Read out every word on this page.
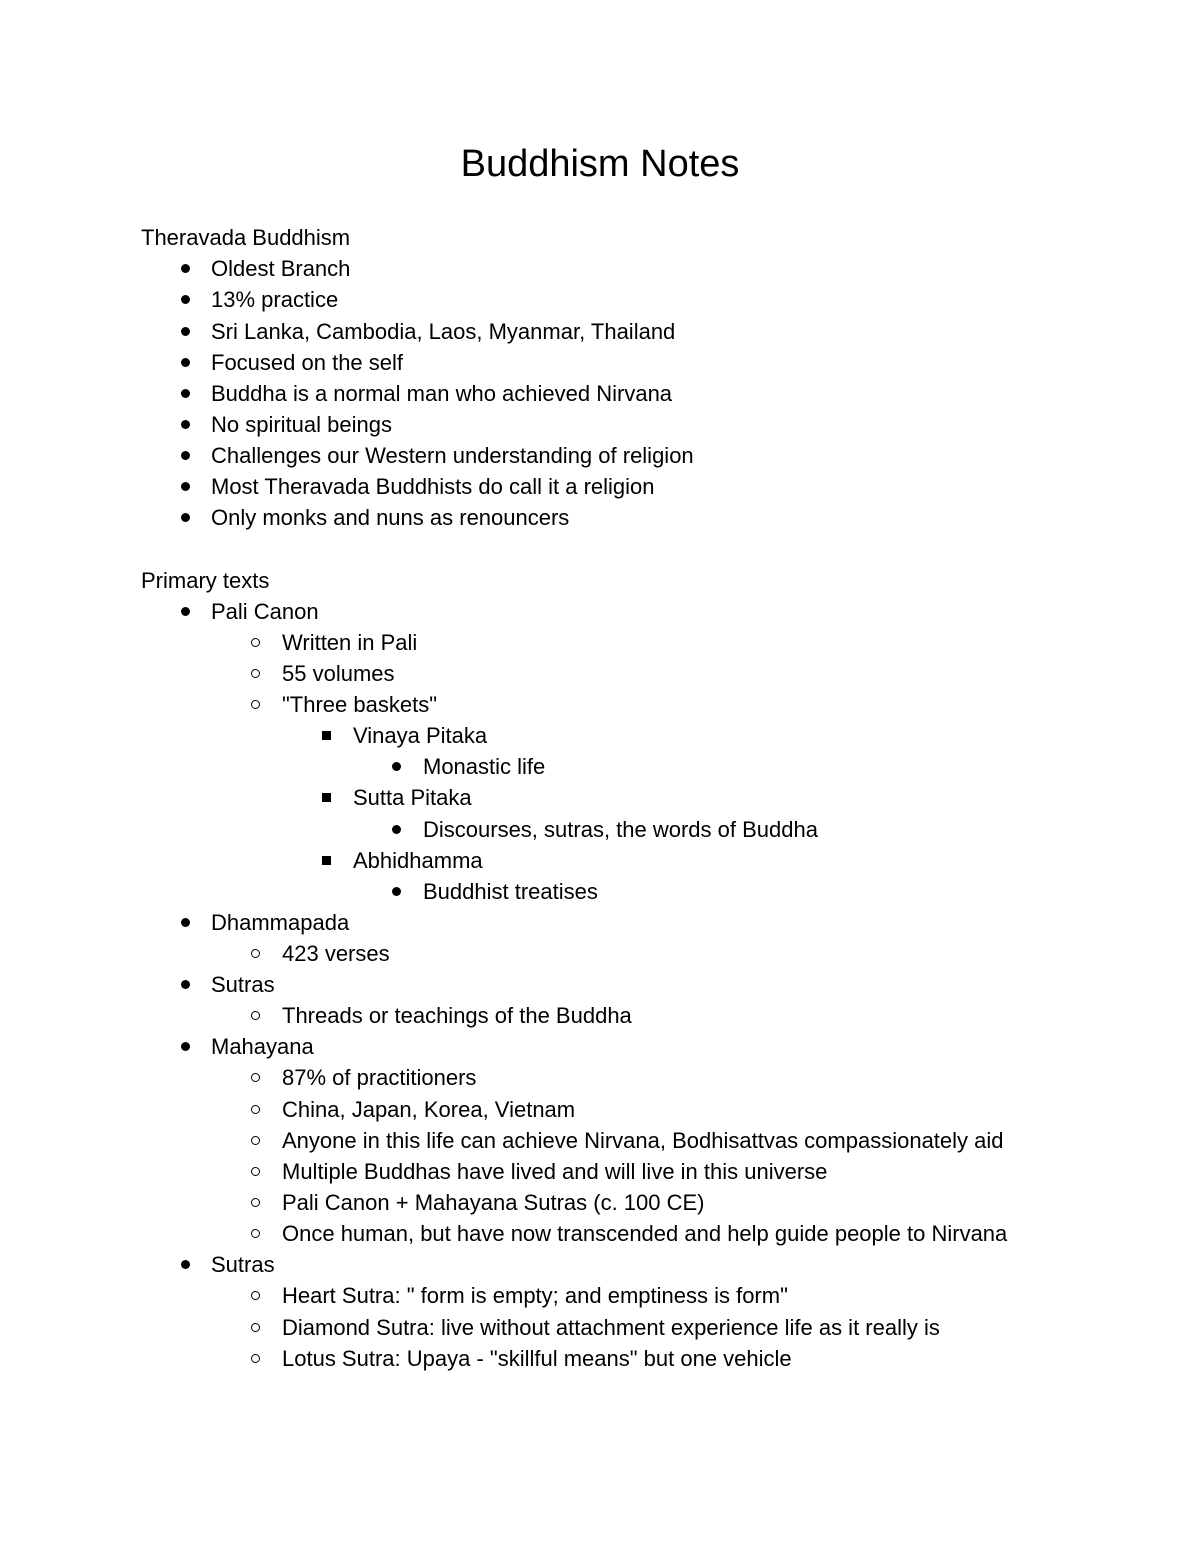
Buddhism Notes
Theravada Buddhism
Oldest Branch
13% practice
Sri Lanka, Cambodia, Laos, Myanmar, Thailand
Focused on the self
Buddha is a normal man who achieved Nirvana
No spiritual beings
Challenges our Western understanding of religion
Most Theravada Buddhists do call it a religion
Only monks and nuns as renouncers
Primary texts
Pali Canon
Written in Pali
55 volumes
"Three baskets"
Vinaya Pitaka
Monastic life
Sutta Pitaka
Discourses, sutras, the words of Buddha
Abhidhamma
Buddhist treatises
Dhammapada
423 verses
Sutras
Threads or teachings of the Buddha
Mahayana
87% of practitioners
China, Japan, Korea, Vietnam
Anyone in this life can achieve Nirvana, Bodhisattvas compassionately aid
Multiple Buddhas have lived and will live in this universe
Pali Canon + Mahayana Sutras (c. 100 CE)
Once human, but have now transcended and help guide people to Nirvana
Sutras
Heart Sutra: " form is empty; and emptiness is form"
Diamond Sutra: live without attachment experience life as it really is
Lotus Sutra: Upaya - "skillful means" but one vehicle
